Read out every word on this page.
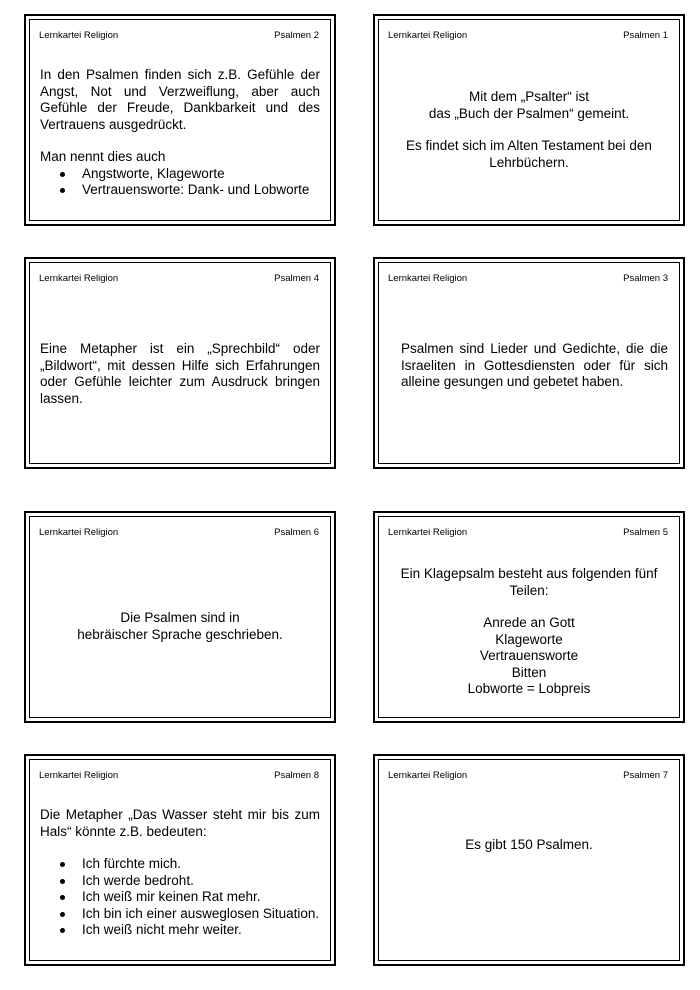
Lernkartei Religion	Psalmen 2

In den Psalmen finden sich z.B. Gefühle der Angst, Not und Verzweiflung, aber auch Gefühle der Freude, Dankbarkeit und des Vertrauens ausgedrückt.

Man nennt dies auch

Angstworte, Klageworte
Vertrauensworte: Dank- und Lobworte
Lernkartei Religion	Psalmen 1
Mit dem „Psalter“ ist
das „Buch der Psalmen“ gemeint.
Es findet sich im Alten Testament bei den
Lehrbüchern.
Lernkartei Religion	Psalmen 4

Eine Metapher ist ein „Sprechbild“ oder „Bildwort“, mit dessen Hilfe sich Erfahrungen oder Gefühle leichter zum Ausdruck bringen lassen.

Lernkartei Religion	Psalmen 3

Psalmen sind Lieder und Gedichte, die die Israeliten in Gottesdiensten oder für sich alleine gesungen und gebetet haben.

Lernkartei Religion	Psalmen 6
Die Psalmen sind in
hebräischer Sprache geschrieben.
Lernkartei Religion	Psalmen 5
Ein Klagepsalm besteht aus folgenden fünf
Teilen:
Anrede an Gott
Klageworte
Vertrauensworte
Bitten
Lobworte = Lobpreis
Lernkartei Religion	Psalmen 8

Die Metapher „Das Wasser steht mir bis zum Hals“ könnte z.B. bedeuten:

Ich fürchte mich.
Ich werde bedroht.
Ich weiß mir keinen Rat mehr.
Ich bin ich einer ausweglosen Situation.
Ich weiß nicht mehr weiter.
Lernkartei Religion	Psalmen 7
Es gibt 150 Psalmen.
